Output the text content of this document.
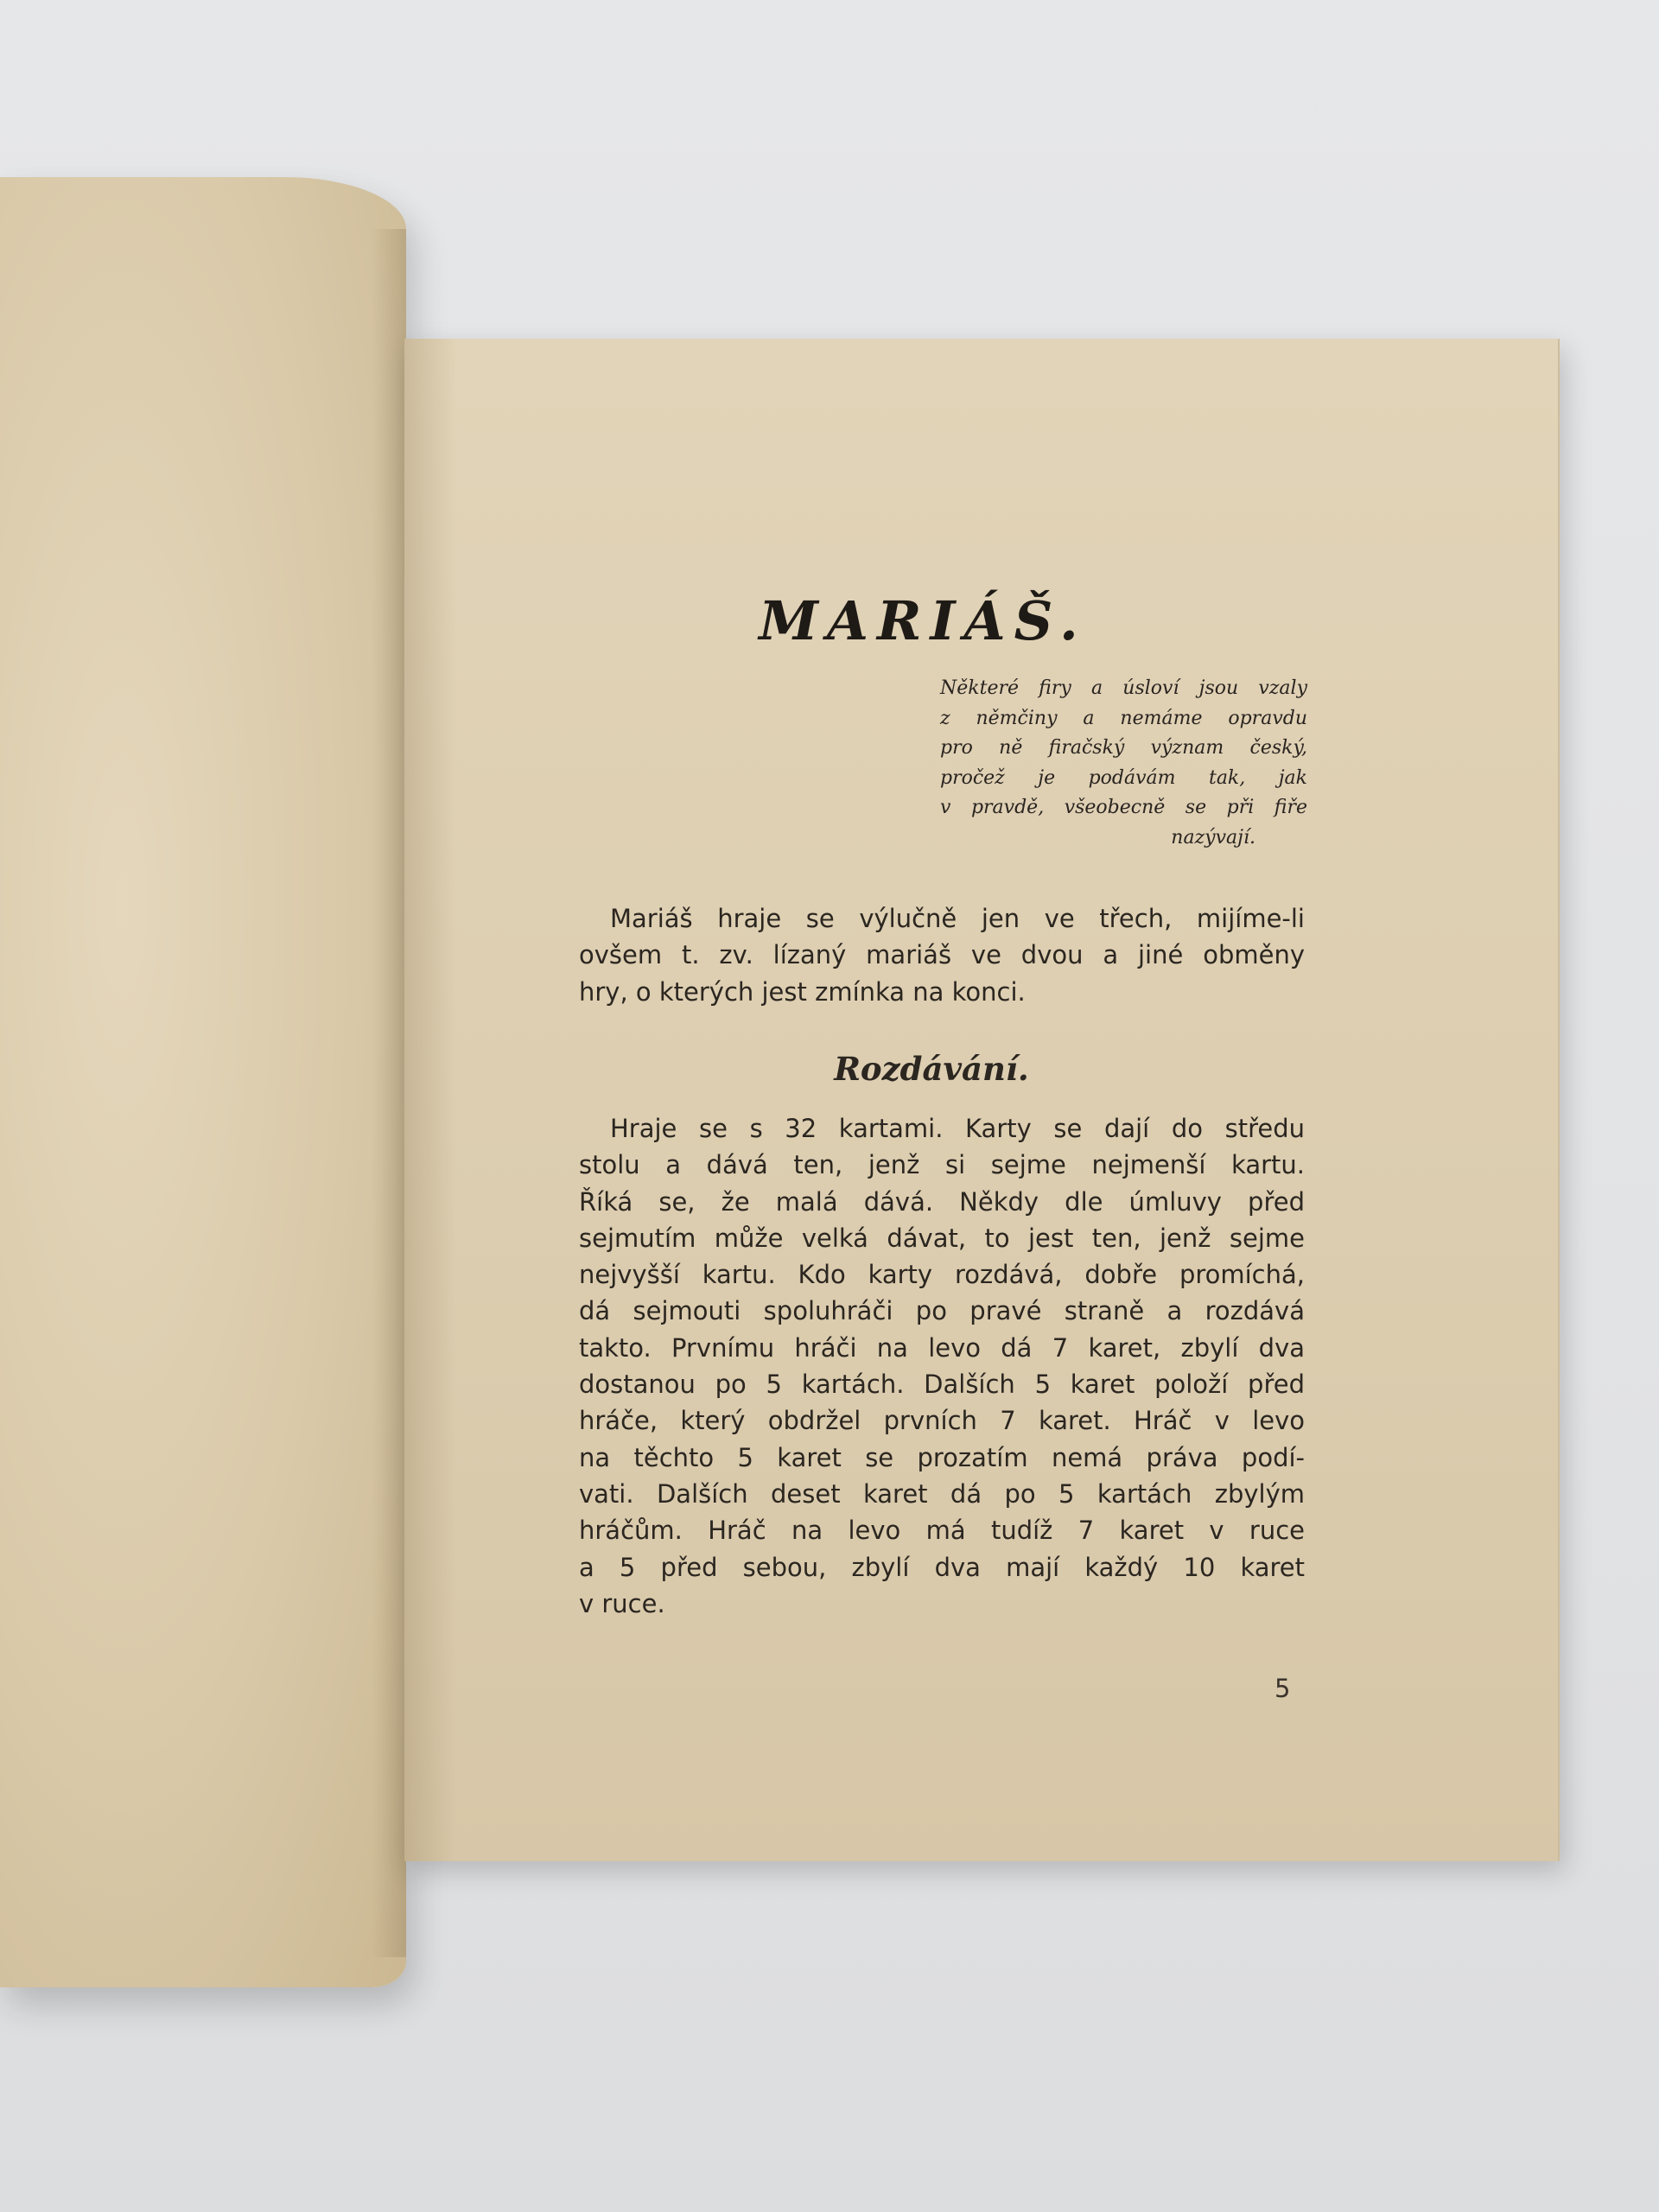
MARIÁŠ.
Některé firy a úsloví jsou vzaly
z němčiny a nemáme opravdu
pro ně firačský význam český,
pročež je podávám tak, jak
v pravdě, všeobecně se při fiře
nazývají.
Mariáš hraje se výlučně jen ve třech, mijíme-li
ovšem t. zv. lízaný mariáš ve dvou a jiné obměny
hry, o kterých jest zmínka na konci.
Rozdávání.
Hraje se s 32 kartami. Karty se dají do středu
stolu a dává ten, jenž si sejme nejmenší kartu.
Říká se, že malá dává. Někdy dle úmluvy před
sejmutím může velká dávat, to jest ten, jenž sejme
nejvyšší kartu. Kdo karty rozdává, dobře promíchá,
dá sejmouti spoluhráči po pravé straně a rozdává
takto. Prvnímu hráči na levo dá 7 karet, zbylí dva
dostanou po 5 kartách. Dalších 5 karet položí před
hráče, který obdržel prvních 7 karet. Hráč v levo
na těchto 5 karet se prozatím nemá práva podí-
vati. Dalších deset karet dá po 5 kartách zbylým
hráčům. Hráč na levo má tudíž 7 karet v ruce
a 5 před sebou, zbylí dva mají každý 10 karet
v ruce.
5
